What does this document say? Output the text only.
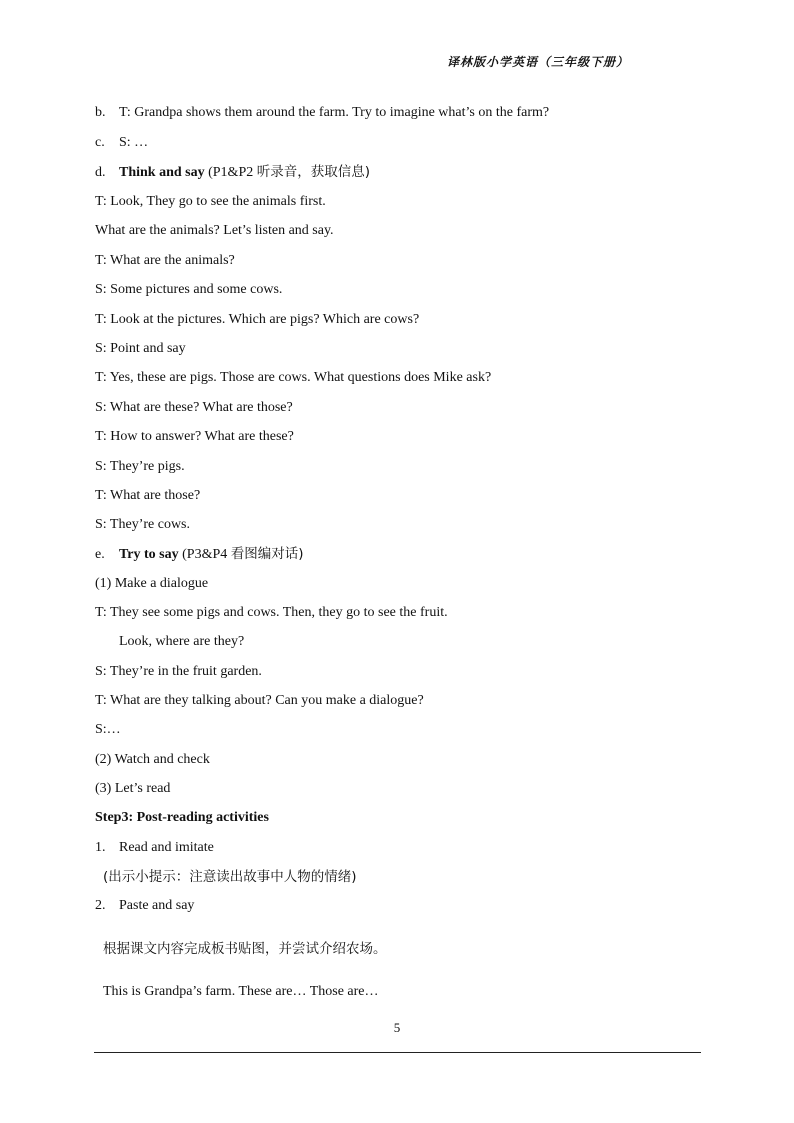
译林版小学英语（三年级下册）
b. T: Grandpa shows them around the farm. Try to imagine what’s on the farm?
c. S: …
d. Think and say (P1&P2 听录音，获取信息)
T: Look, They go to see the animals first.
What are the animals? Let’s listen and say.
T: What are the animals?
S: Some pictures and some cows.
T: Look at the pictures. Which are pigs? Which are cows?
S: Point and say
T: Yes, these are pigs. Those are cows. What questions does Mike ask?
S: What are these? What are those?
T: How to answer? What are these?
S: They’re pigs.
T: What are those?
S: They’re cows.
e. Try to say (P3&P4 看图编对话)
(1) Make a dialogue
T: They see some pigs and cows. Then, they go to see the fruit.
Look, where are they?
S: They’re in the fruit garden.
T: What are they talking about? Can you make a dialogue?
S:…
(2) Watch and check
(3) Let’s read
Step3: Post-reading activities
1. Read and imitate
(出示小提示：注意读出故事中人物的情绪)
2. Paste and say
根据课文内容完成板书贴图，并尝试介绍农场。
This is Grandpa’s farm. These are… Those are…
5
